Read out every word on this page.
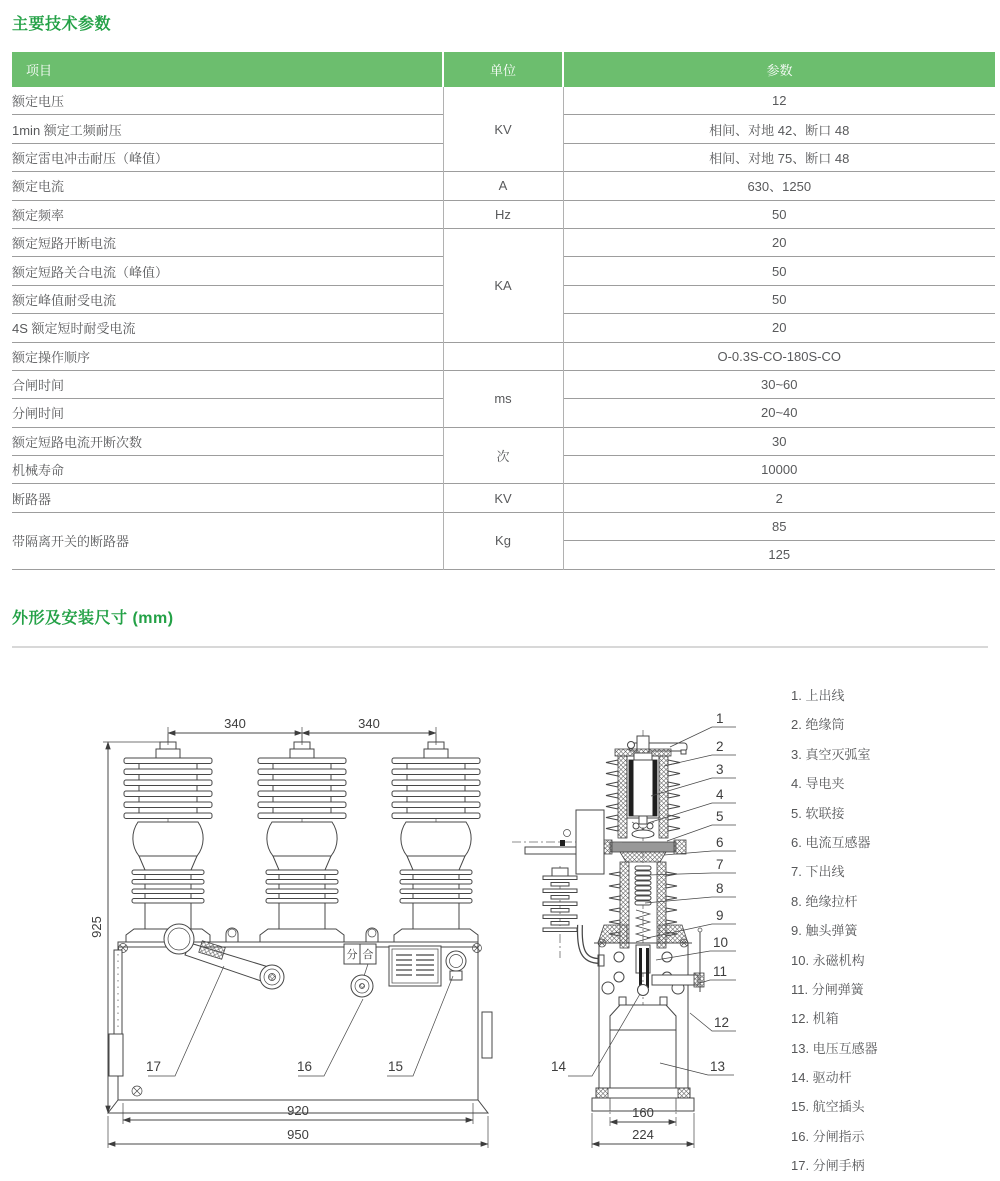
主要技术参数
项目	单位	参数
额定电压	KV	12
1min 额定工频耐压		相间、对地 42、断口 48
额定雷电冲击耐压（峰值）		相间、对地 75、断口 48
额定电流	A	630、1250
额定频率	Hz	50
额定短路开断电流	KA	20
额定短路关合电流（峰值）		50
额定峰值耐受电流		50
4S 额定短时耐受电流		20
额定操作顺序		O-0.3S-CO-180S-CO
合闸时间	ms	30~60
分闸时间		20~40
额定短路电流开断次数	次	30
机械寿命		10000
断路器	KV	2
带隔离开关的断路器	Kg	85
		125
外形及安装尺寸 (mm)
分 合
17	16	15
340	340
925
920
950
1
2
3
4
5
6
7
8
9
10
11
12
13
14
160
224
1. 上出线
2. 绝缘筒
3. 真空灭弧室
4. 导电夹
5. 软联接
6. 电流互感器
7. 下出线
8. 绝缘拉杆
9. 触头弹簧
10. 永磁机构
11. 分闸弹簧
12. 机箱
13. 电压互感器
14. 驱动杆
15. 航空插头
16. 分闸指示
17. 分闸手柄
